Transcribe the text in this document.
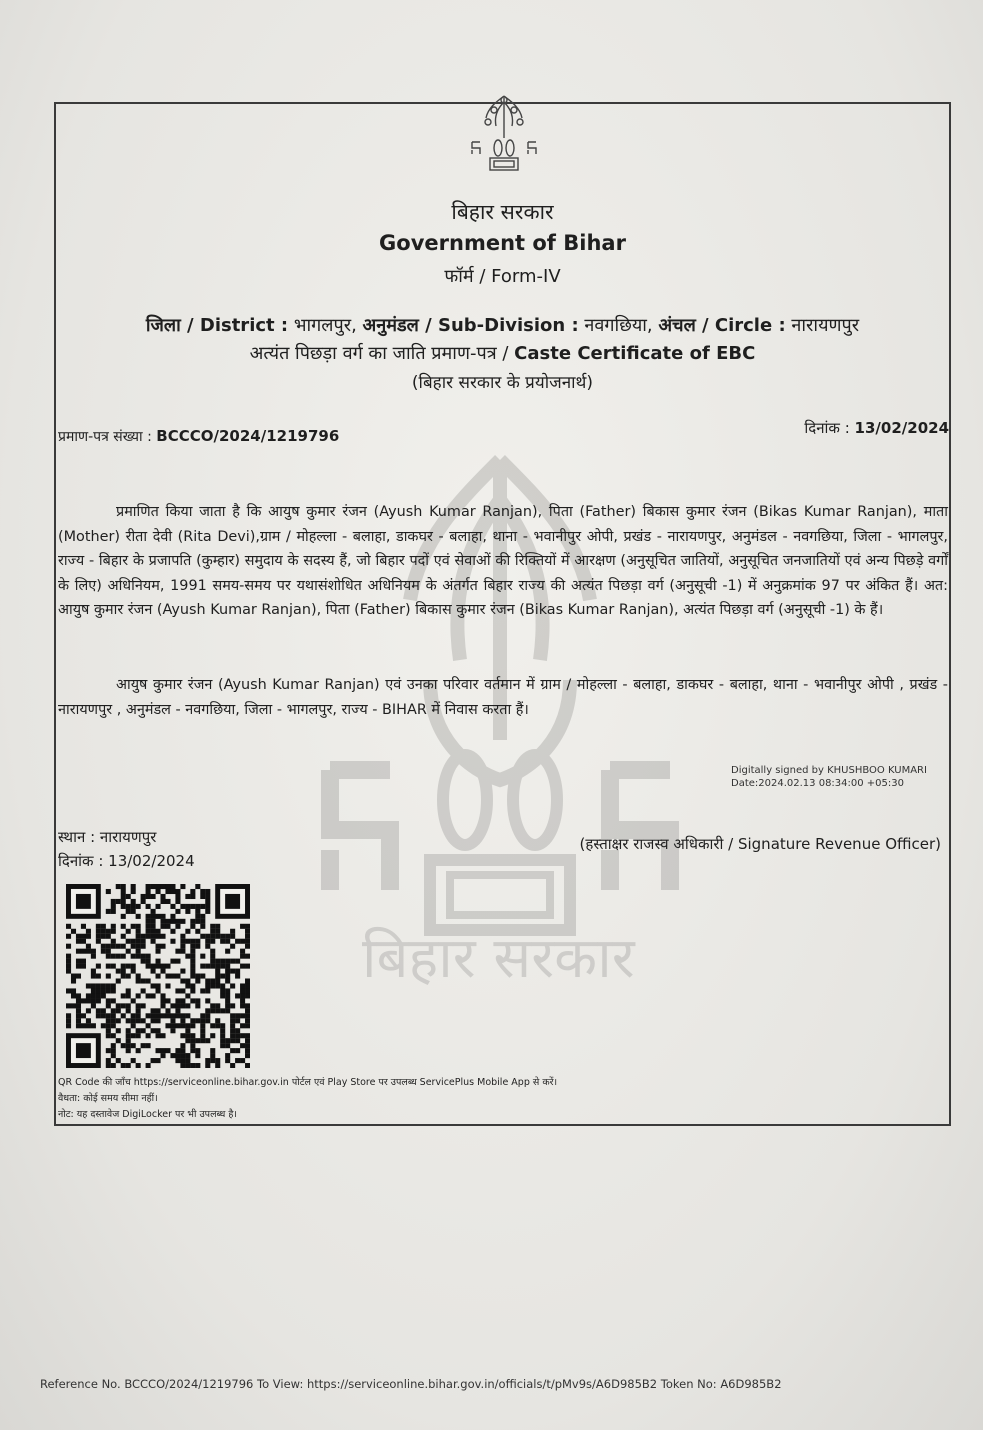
बिहार सरकार
बिहार सरकार
Government of Bihar
फॉर्म / Form-IV
जिला / District : भागलपुर, अनुमंडल / Sub-Division : नवगछिया, अंचल / Circle : नारायणपुर
अत्यंत पिछड़ा वर्ग का जाति प्रमाण-पत्र / Caste Certificate of EBC
(बिहार सरकार के प्रयोजनार्थ)
प्रमाण-पत्र संख्या : BCCCO/2024/1219796	दिनांक : 13/02/2024
प्रमाणित किया जाता है कि आयुष कुमार रंजन (Ayush Kumar Ranjan), पिता (Father) बिकास कुमार रंजन (Bikas Kumar Ranjan), माता (Mother) रीता देवी (Rita Devi),ग्राम / मोहल्ला - बलाहा, डाकघर - बलाहा, थाना - भवानीपुर ओपी, प्रखंड - नारायणपुर, अनुमंडल - नवगछिया, जिला - भागलपुर, राज्य - बिहार के प्रजापति (कुम्हार) समुदाय के सदस्य हैं, जो बिहार पदों एवं सेवाओं की रिक्तियों में आरक्षण (अनुसूचित जातियों, अनुसूचित जनजातियों एवं अन्य पिछड़े वर्गों के लिए) अधिनियम, 1991 समय-समय पर यथासंशोधित अधिनियम के अंतर्गत बिहार राज्य की अत्यंत पिछड़ा वर्ग (अनुसूची -1) में अनुक्रमांक 97 पर अंकित हैं। अत: आयुष कुमार रंजन (Ayush Kumar Ranjan), पिता (Father) बिकास कुमार रंजन (Bikas Kumar Ranjan), अत्यंत पिछड़ा वर्ग (अनुसूची -1) के हैं।
आयुष कुमार रंजन (Ayush Kumar Ranjan) एवं उनका परिवार वर्तमान में ग्राम / मोहल्ला - बलाहा, डाकघर - बलाहा, थाना - भवानीपुर ओपी , प्रखंड - नारायणपुर , अनुमंडल - नवगछिया, जिला - भागलपुर, राज्य - BIHAR में निवास करता हैं।
Digitally signed by KHUSHBOO KUMARI
Date:2024.02.13 08:34:00 +05:30
स्थान : नारायणपुर
दिनांक : 13/02/2024
(हस्ताक्षर राजस्व अधिकारी / Signature Revenue Officer)
QR Code की जाँच https://serviceonline.bihar.gov.in पोर्टल एवं Play Store पर उपलब्ध ServicePlus Mobile App से करें।
वैधता: कोई समय सीमा नहीं।
नोट: यह दस्तावेज DigiLocker पर भी उपलब्ध है।
Reference No. BCCCO/2024/1219796 To View: https://serviceonline.bihar.gov.in/officials/t/pMv9s/A6D985B2 Token No: A6D985B2
